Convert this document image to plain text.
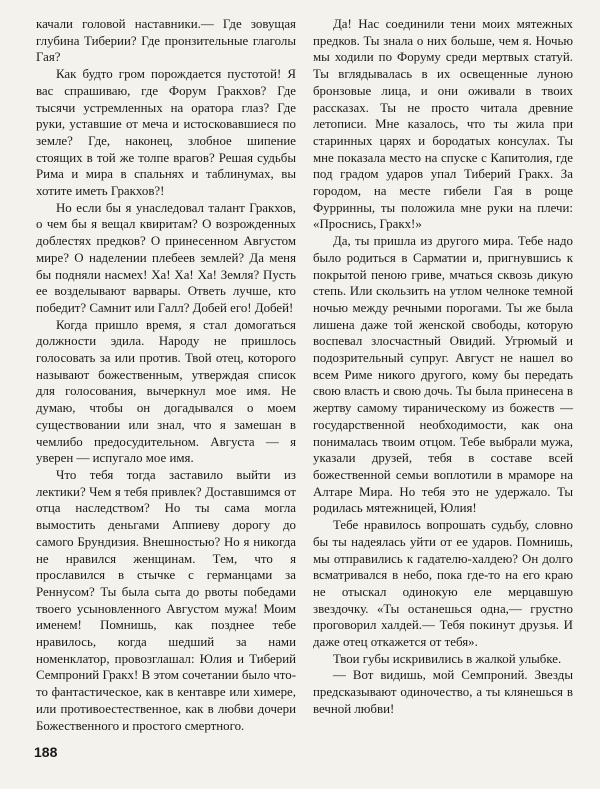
качали головой наставники.— Где зовущая глубина Тиберии? Где пронзительные глаголы Гая?

Как будто гром порождается пустотой! Я вас спрашиваю, где Форум Гракхов? Где тысячи устремленных на оратора глаз? Где руки, уставшие от меча и истосковавшиеся по земле? Где, наконец, злобное шипение стоящих в той же толпе врагов? Решая судьбы Рима и мира в спальнях и таблинумах, вы хотите иметь Гракхов?!

Но если бы я унаследовал талант Гракхов, о чем бы я вещал квиритам? О возрожденных доблестях предков? О принесенном Августом мире? О наделении плебеев землей? Да меня бы подняли насмех! Ха! Ха! Ха! Земля? Пусть ее возделывают варвары. Ответь лучше, кто победит? Самнит или Галл? Добей его! Добей!

Когда пришло время, я стал домогаться должности эдила. Народу не пришлось голосовать за или против. Твой отец, которого называют божественным, утверждая список для голосования, вычеркнул мое имя. Не думаю, чтобы он догадывался о моем существовании или знал, что я замешан в чемлибо предосудительном. Августа — я уверен — испугало мое имя.

Что тебя тогда заставило выйти из лектики? Чем я тебя привлек? Доставшимся от отца наследством? Но ты сама могла вымостить деньгами Аппиеву дорогу до самого Брундизия. Внешностью? Но я никогда не нравился женщинам. Тем, что я прославился в стычке с германцами за Реннусом? Ты была сыта до рвоты победами твоего усыновленного Августом мужа! Моим именем! Помнишь, как позднее тебе нравилось, когда шедший за нами номенклатор, провозглашал: Юлия и Тиберий Семпроний Гракх! В этом сочетании было что-то фантастическое, как в кентавре или химере, или противоестественное, как в любви дочери Божественного и простого смертного.

Да! Нас соединили тени моих мятежных предков. Ты знала о них больше, чем я. Ночью мы ходили по Форуму среди мертвых статуй. Ты вглядывалась в их освещенные луною бронзовые лица, и они оживали в твоих рассказах. Ты не просто читала древние летописи. Мне казалось, что ты жила при старинных царях и бородатых консулах. Ты мне показала место на спуске с Капитолия, где под градом ударов упал Тиберий Гракх. За городом, на месте гибели Гая в роще Фурринны, ты положила мне руки на плечи: «Проснись, Гракх!»

Да, ты пришла из другого мира. Тебе надо было родиться в Сарматии и, пригнувшись к покрытой пеною гриве, мчаться сквозь дикую степь. Или скользить на утлом челноке темной ночью между речными порогами. Ты же была лишена даже той женской свободы, которую воспевал злосчастный Овидий. Угрюмый и подозрительный супруг. Август не нашел во всем Риме никого другого, кому бы передать свою власть и свою дочь. Ты была принесена в жертву самому тираническому из божеств — государственной необходимости, как она понималась твоим отцом. Тебе выбрали мужа, указали друзей, тебя в составе всей божественной семьи воплотили в мраморе на Алтаре Мира. Но тебя это не удержало. Ты родилась мятежницей, Юлия!

Тебе нравилось вопрошать судьбу, словно бы ты надеялась уйти от ее ударов. Помнишь, мы отправились к гадателю-халдею? Он долго всматривался в небо, пока где-то на его краю не отыскал одинокую еле мерцавшую звездочку. «Ты останешься одна,— грустно проговорил халдей.— Тебя покинут друзья. И даже отец откажется от тебя».

Твои губы искривились в жалкой улыбке.

— Вот видишь, мой Семпроний. Звезды предсказывают одиночество, а ты клянешься в вечной любви!

188
